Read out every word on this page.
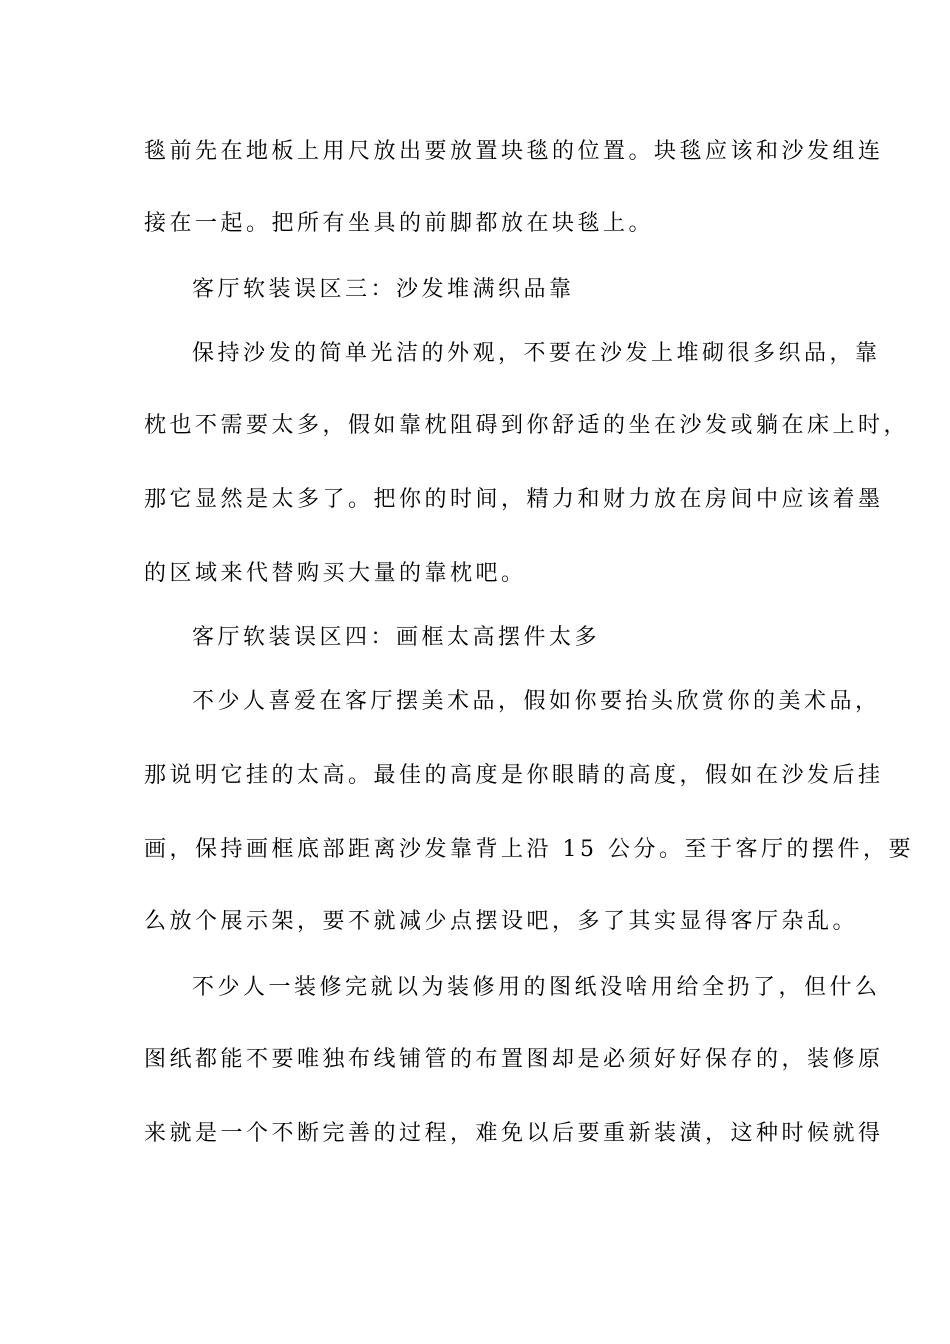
毯前先在地板上用尺放出要放置块毯的位置。块毯应该和沙发组连
接在一起。把所有坐具的前脚都放在块毯上。
客厅软装误区三：沙发堆满织品靠
保持沙发的简单光洁的外观，不要在沙发上堆砌很多织品，靠
枕也不需要太多，假如靠枕阻碍到你舒适的坐在沙发或躺在床上时，
那它显然是太多了。把你的时间，精力和财力放在房间中应该着墨
的区域来代替购买大量的靠枕吧。
客厅软装误区四：画框太高摆件太多
不少人喜爱在客厅摆美术品，假如你要抬头欣赏你的美术品，
那说明它挂的太高。最佳的高度是你眼睛的高度，假如在沙发后挂
画，保持画框底部距离沙发靠背上沿 15 公分。至于客厅的摆件，要
么放个展示架，要不就减少点摆设吧，多了其实显得客厅杂乱。
不少人一装修完就以为装修用的图纸没啥用给全扔了，但什么
图纸都能不要唯独布线铺管的布置图却是必须好好保存的，装修原
来就是一个不断完善的过程，难免以后要重新装潢，这种时候就得
